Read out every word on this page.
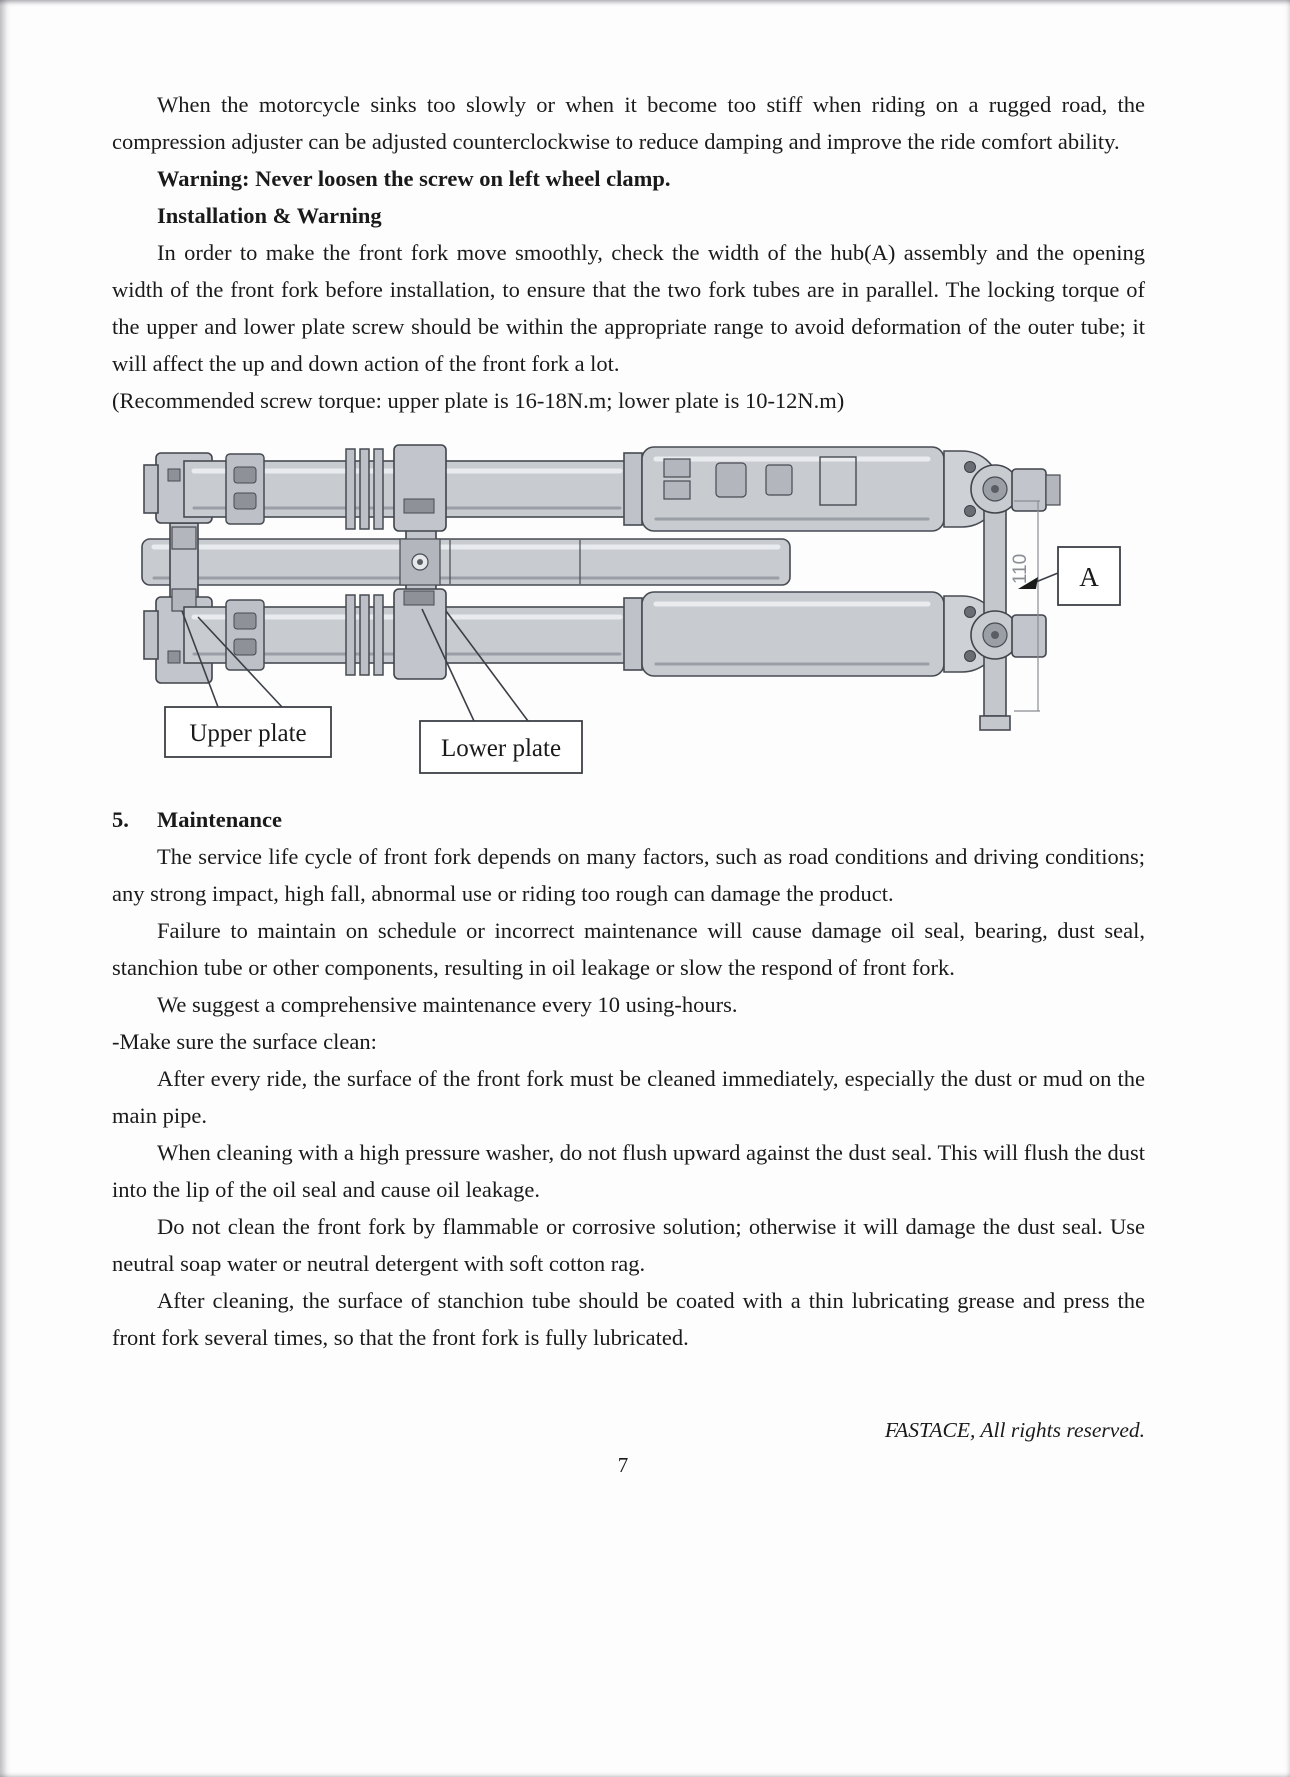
When the motorcycle sinks too slowly or when it become too stiff when riding on a rugged road, the compression adjuster can be adjusted counterclockwise to reduce damping and improve the ride comfort ability.

Warning: Never loosen the screw on left wheel clamp.

Installation & Warning

In order to make the front fork move smoothly, check the width of the hub(A) assembly and the opening width of the front fork before installation, to ensure that the two fork tubes are in parallel. The locking torque of the upper and lower plate screw should be within the appropriate range to avoid deformation of the outer tube; it will affect the up and down action of the front fork a lot.

(Recommended screw torque: upper plate is 16-18N.m; lower plate is 10-12N.m)

110
Upper plate
Lower plate
A
5. Maintenance

The service life cycle of front fork depends on many factors, such as road conditions and driving conditions; any strong impact, high fall, abnormal use or riding too rough can damage the product.

Failure to maintain on schedule or incorrect maintenance will cause damage oil seal, bearing, dust seal, stanchion tube or other components, resulting in oil leakage or slow the respond of front fork.

We suggest a comprehensive maintenance every 10 using-hours.

-Make sure the surface clean:

After every ride, the surface of the front fork must be cleaned immediately, especially the dust or mud on the main pipe.

When cleaning with a high pressure washer, do not flush upward against the dust seal. This will flush the dust into the lip of the oil seal and cause oil leakage.

Do not clean the front fork by flammable or corrosive solution; otherwise it will damage the dust seal. Use neutral soap water or neutral detergent with soft cotton rag.

After cleaning, the surface of stanchion tube should be coated with a thin lubricating grease and press the front fork several times, so that the front fork is fully lubricated.

FASTACE, All rights reserved.
7
